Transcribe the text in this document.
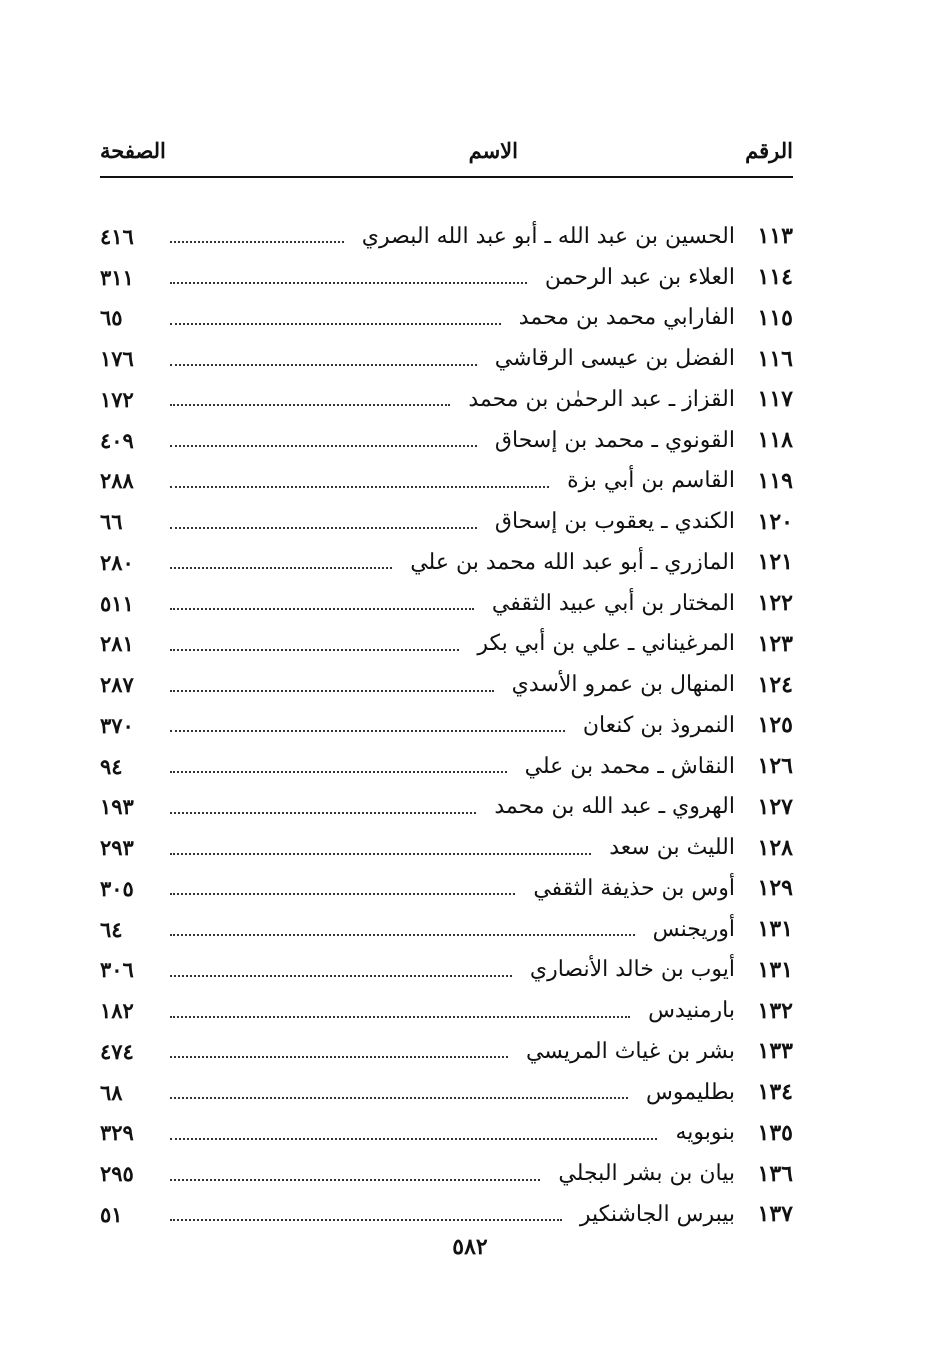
الرقم
الاسم
الصفحة
١١٣
الحسين بن عبد الله ـ أبو عبد الله البصري
٤١٦
١١٤
العلاء بن عبد الرحمن
٣١١
١١٥
الفارابي محمد بن محمد
٦٥
١١٦
الفضل بن عيسى الرقاشي
١٧٦
١١٧
القزاز ـ عبد الرحمٰن بن محمد
١٧٢
١١٨
القونوي ـ محمد بن إسحاق
٤٠٩
١١٩
القاسم بن أبي بزة
٢٨٨
١٢٠
الكندي ـ يعقوب بن إسحاق
٦٦
١٢١
المازري ـ أبو عبد الله محمد بن علي
٢٨٠
١٢٢
المختار بن أبي عبيد الثقفي
٥١١
١٢٣
المرغيناني ـ علي بن أبي بكر
٢٨١
١٢٤
المنهال بن عمرو الأسدي
٢٨٧
١٢٥
النمروذ بن كنعان
٣٧٠
١٢٦
النقاش ـ محمد بن علي
٩٤
١٢٧
الهروي ـ عبد الله بن محمد
١٩٣
١٢٨
الليث بن سعد
٢٩٣
١٢٩
أوس بن حذيفة الثقفي
٣٠٥
١٣١
أوريجنس
٦٤
١٣١
أيوب بن خالد الأنصاري
٣٠٦
١٣٢
بارمنيدس
١٨٢
١٣٣
بشر بن غياث المريسي
٤٧٤
١٣٤
بطليموس
٦٨
١٣٥
بنوبويه
٣٢٩
١٣٦
بيان بن بشر البجلي
٢٩٥
١٣٧
بيبرس الجاشنكير
٥١
٥٨٢
